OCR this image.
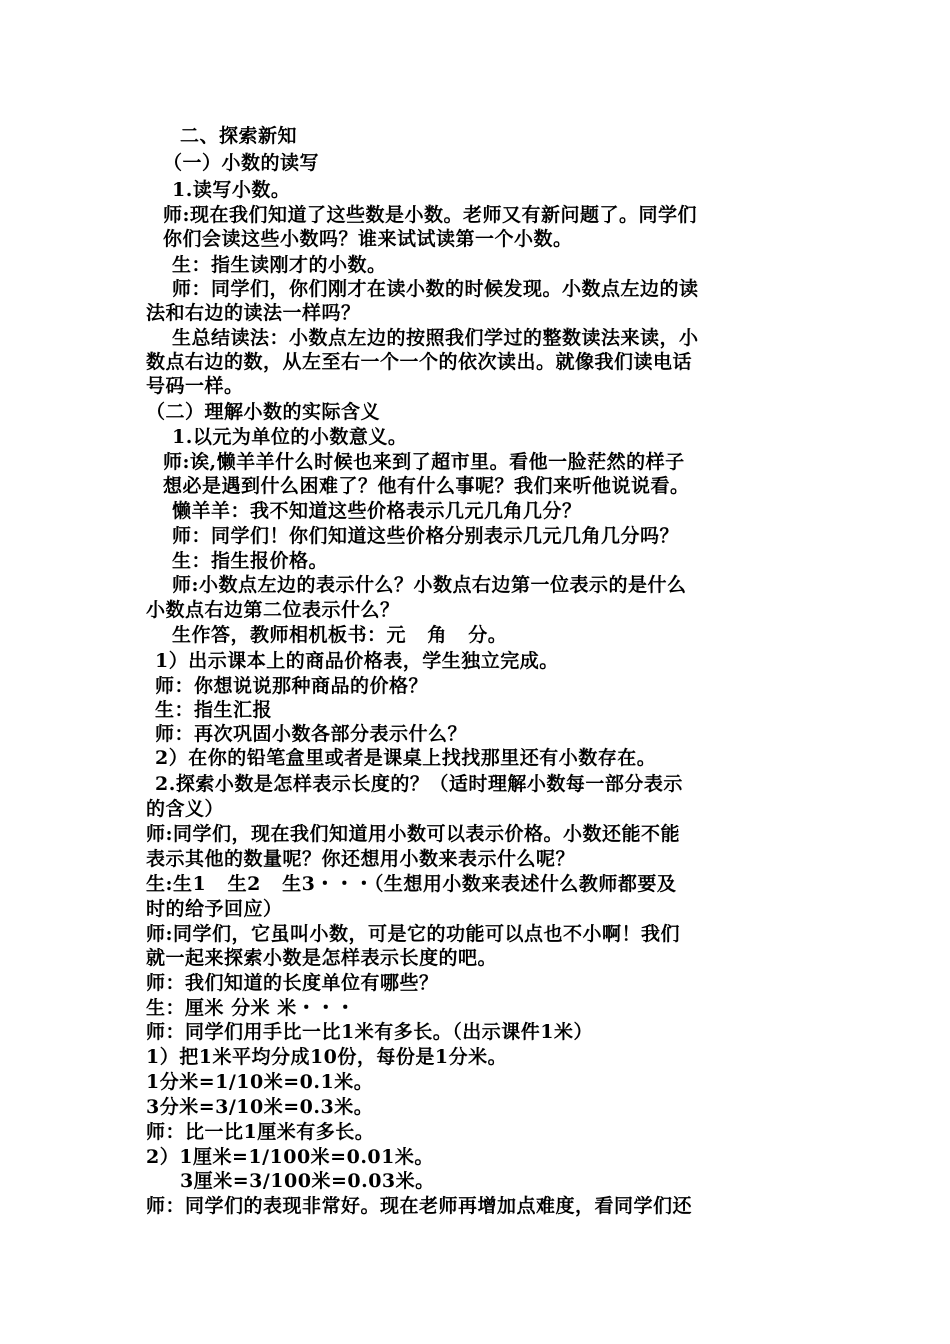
二、探索新知
（一）小数的读写
1.读写小数。
师:现在我们知道了这些数是小数。老师又有新问题了。同学们
你们会读这些小数吗？谁来试试读第一个小数。
生：指生读刚才的小数。
师：同学们，你们刚才在读小数的时候发现。小数点左边的读
法和右边的读法一样吗？
生总结读法：小数点左边的按照我们学过的整数读法来读，小
数点右边的数，从左至右一个一个的依次读出。就像我们读电话
号码一样。
（二）理解小数的实际含义
1.以元为单位的小数意义。
师:诶,懒羊羊什么时候也来到了超市里。看他一脸茫然的样子
想必是遇到什么困难了？他有什么事呢？我们来听他说说看。
懒羊羊：我不知道这些价格表示几元几角几分？
师：同学们！你们知道这些价格分别表示几元几角几分吗？
生：指生报价格。
师:小数点左边的表示什么？小数点右边第一位表示的是什么
小数点右边第二位表示什么？
生作答，教师相机板书：元   角   分。
1）出示课本上的商品价格表，学生独立完成。
师：你想说说那种商品的价格？
生：指生汇报
师：再次巩固小数各部分表示什么？
2）在你的铅笔盒里或者是课桌上找找那里还有小数存在。
2.探索小数是怎样表示长度的？（适时理解小数每一部分表示
的含义）
师:同学们，现在我们知道用小数可以表示价格。小数还能不能
表示其他的数量呢？你还想用小数来表示什么呢？
生:生1   生2   生3・・・（生想用小数来表述什么教师都要及
时的给予回应）
师:同学们，它虽叫小数，可是它的功能可以点也不小啊！我们
就一起来探索小数是怎样表示长度的吧。
师：我们知道的长度单位有哪些？
生：厘米 分米 米・・・
师：同学们用手比一比1米有多长。（出示课件1米）
1）把1米平均分成10份，每份是1分米。
1分米=1/10米=0.1米。
3分米=3/10米=0.3米。
师：比一比1厘米有多长。
2）1厘米=1/100米=0.01米。
3厘米=3/100米=0.03米。
师：同学们的表现非常好。现在老师再增加点难度，看同学们还
